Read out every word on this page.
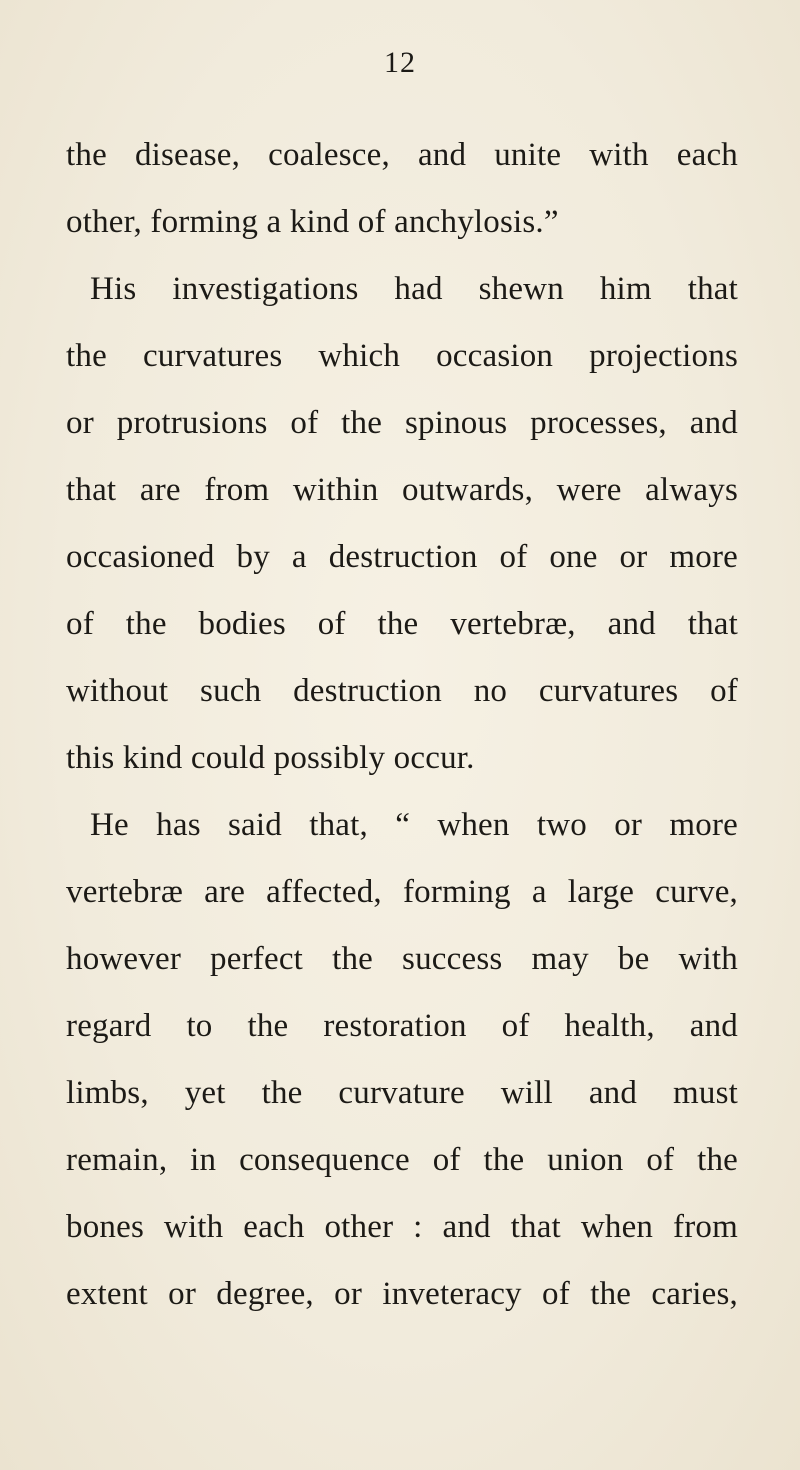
12
the disease, coalesce, and unite with each
other, forming a kind of anchylosis.”
His investigations had shewn him that
the curvatures which occasion projections
or protrusions of the spinous processes, and
that are from within outwards, were always
occasioned by a destruction of one or more
of the bodies of the vertebræ, and that
without such destruction no curvatures of
this kind could possibly occur.
He has said that, “ when two or more
vertebræ are affected, forming a large curve,
however perfect the success may be with
regard to the restoration of health, and
limbs, yet the curvature will and must
remain, in consequence of the union of the
bones with each other : and that when from
extent or degree, or inveteracy of the caries,
